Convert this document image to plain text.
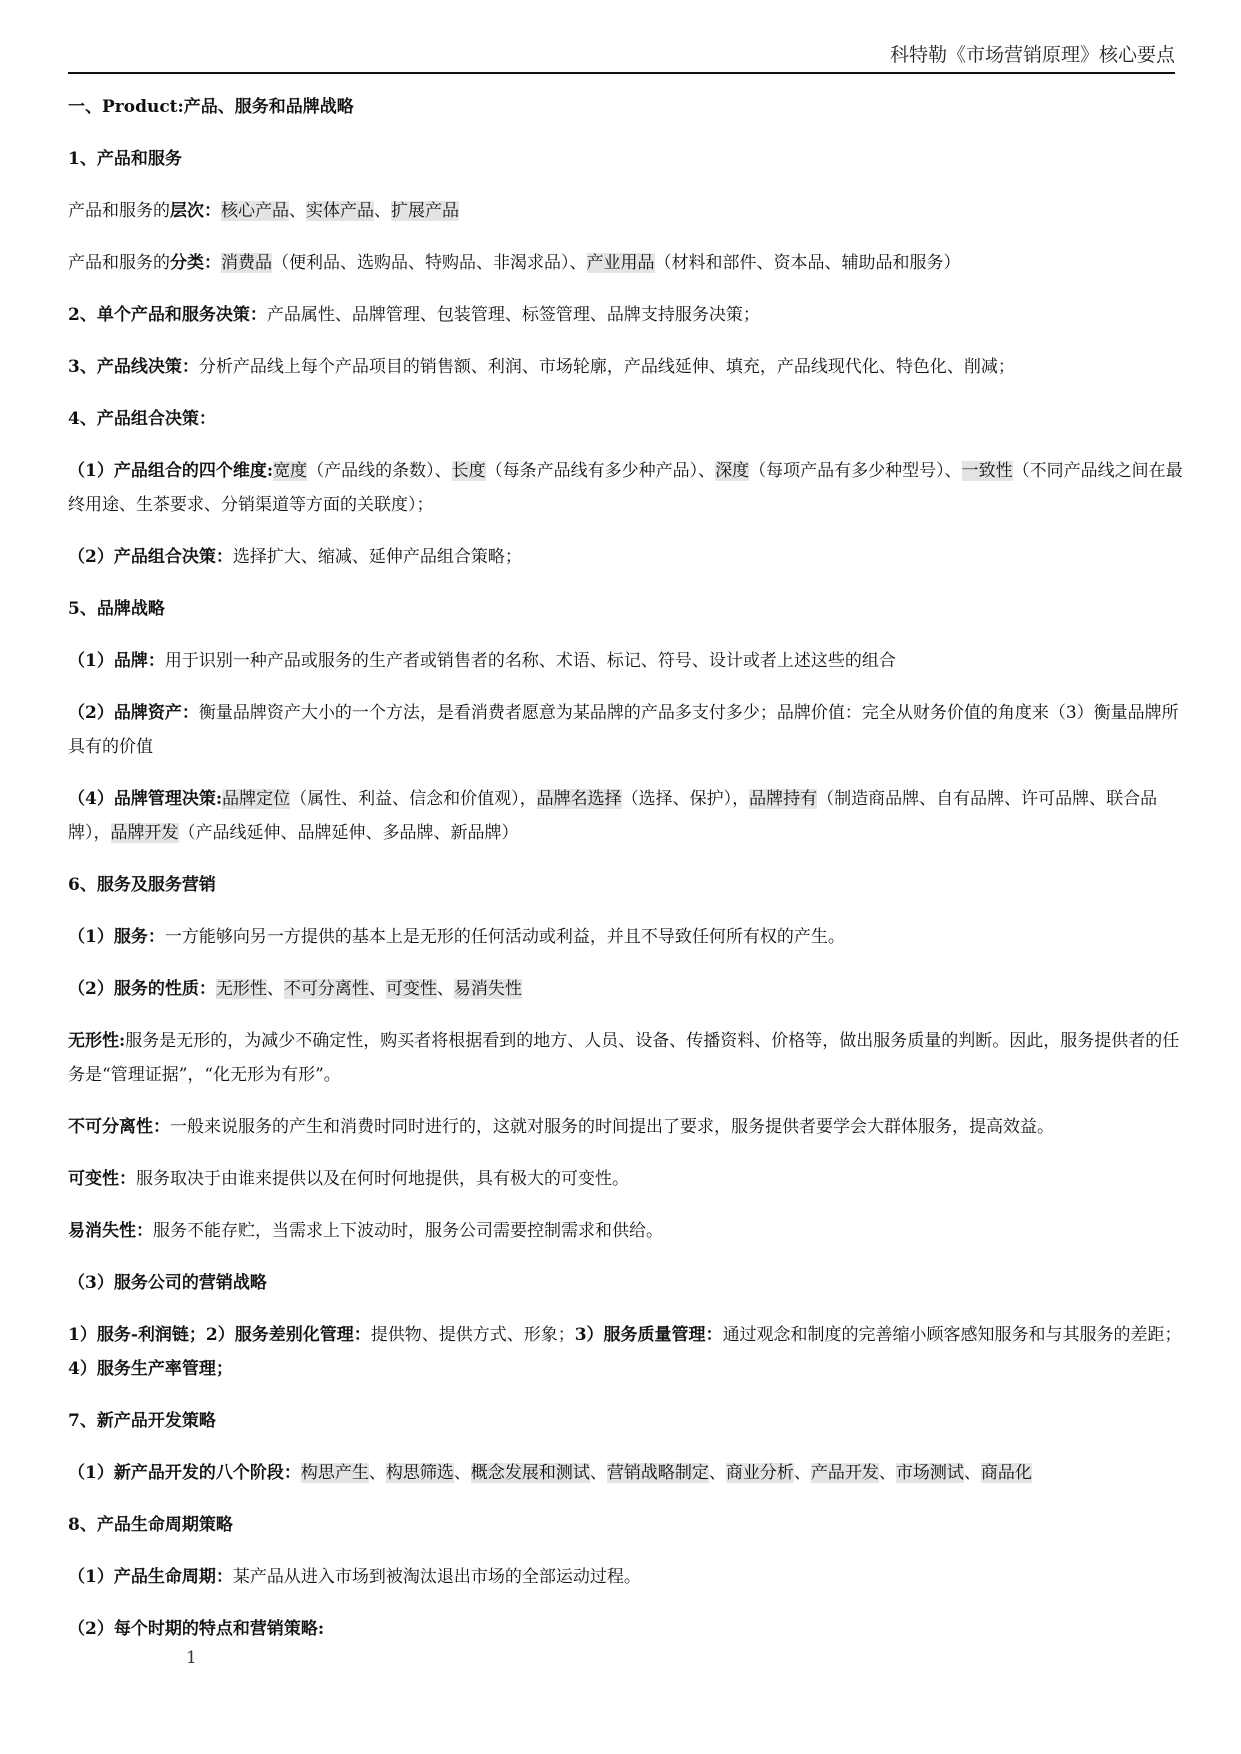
科特勒《市场营销原理》核心要点
一、Product:产品、服务和品牌战略
1、产品和服务
产品和服务的层次：核心产品、实体产品、扩展产品
产品和服务的分类：消费品（便利品、选购品、特购品、非渴求品）、产业用品（材料和部件、资本品、辅助品和服务）
2、单个产品和服务决策：产品属性、品牌管理、包装管理、标签管理、品牌支持服务决策；
3、产品线决策：分析产品线上每个产品项目的销售额、利润、市场轮廓，产品线延伸、填充，产品线现代化、特色化、削减；
4、产品组合决策：
（1）产品组合的四个维度:宽度（产品线的条数）、长度（每条产品线有多少种产品）、深度（每项产品有多少种型号）、一致性（不同产品线之间在最终用途、生茶要求、分销渠道等方面的关联度）；
（2）产品组合决策：选择扩大、缩减、延伸产品组合策略；
5、品牌战略
（1）品牌：用于识别一种产品或服务的生产者或销售者的名称、术语、标记、符号、设计或者上述这些的组合
（2）品牌资产：衡量品牌资产大小的一个方法，是看消费者愿意为某品牌的产品多支付多少；品牌价值：完全从财务价值的角度来（3）衡量品牌所具有的价值
（4）品牌管理决策:品牌定位（属性、利益、信念和价值观），品牌名选择（选择、保护），品牌持有（制造商品牌、自有品牌、许可品牌、联合品牌），品牌开发（产品线延伸、品牌延伸、多品牌、新品牌）
6、服务及服务营销
（1）服务：一方能够向另一方提供的基本上是无形的任何活动或利益，并且不导致任何所有权的产生。
（2）服务的性质：无形性、不可分离性、可变性、易消失性
无形性:服务是无形的，为减少不确定性，购买者将根据看到的地方、人员、设备、传播资料、价格等，做出服务质量的判断。因此，服务提供者的任务是“管理证据”，“化无形为有形”。
不可分离性：一般来说服务的产生和消费时同时进行的，这就对服务的时间提出了要求，服务提供者要学会大群体服务，提高效益。
可变性：服务取决于由谁来提供以及在何时何地提供，具有极大的可变性。
易消失性：服务不能存贮，当需求上下波动时，服务公司需要控制需求和供给。
（3）服务公司的营销战略
1）服务-利润链；2）服务差别化管理：提供物、提供方式、形象；3）服务质量管理：通过观念和制度的完善缩小顾客感知服务和与其服务的差距；4）服务生产率管理；
7、新产品开发策略
（1）新产品开发的八个阶段：构思产生、构思筛选、概念发展和测试、营销战略制定、商业分析、产品开发、市场测试、商品化
8、产品生命周期策略
（1）产品生命周期：某产品从进入市场到被淘汰退出市场的全部运动过程。
（2）每个时期的特点和营销策略:
1
